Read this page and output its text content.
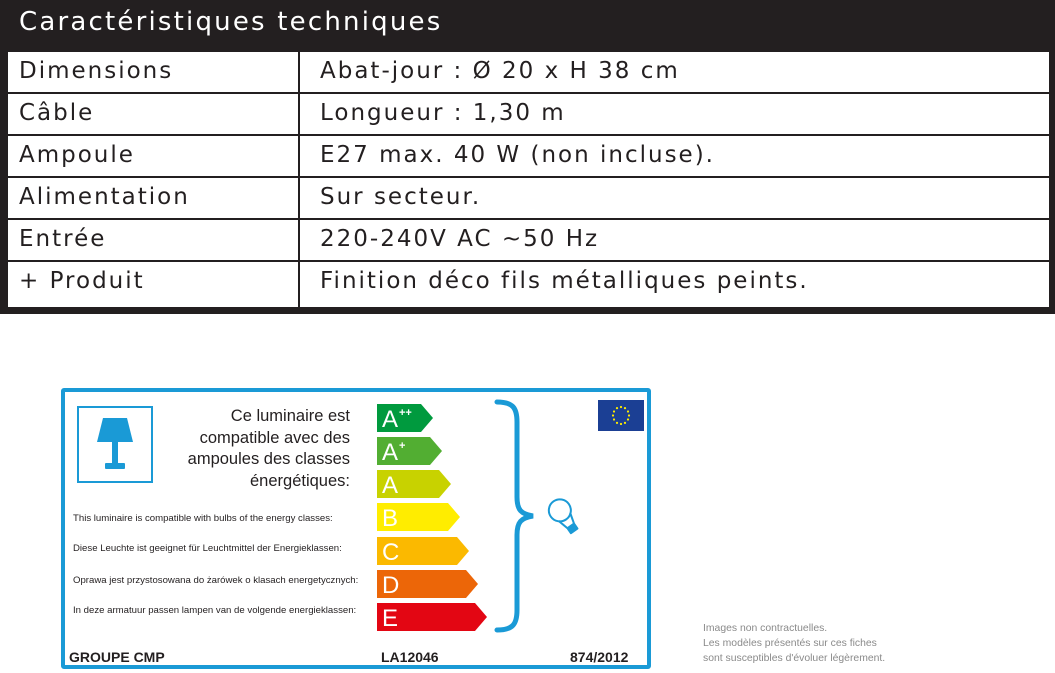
Caractéristiques techniques
Dimensions	Abat-jour : Ø 20 x H 38 cm
Câble	Longueur : 1,30 m
Ampoule	E27 max. 40 W (non incluse).
Alimentation	Sur secteur.
Entrée	220-240V AC ~50 Hz
+ Produit	Finition déco fils métalliques peints.
Ce luminaire est
compatible avec des
ampoules des classes
énergétiques:
This luminaire is compatible with bulbs of the energy classes:
Diese Leuchte ist geeignet für Leuchtmittel der Energieklassen:
Oprawa jest przystosowana do żarówek o klasach energetycznych:
In deze armatuur passen lampen van de volgende energieklassen:
A ++
A +
A
B
C
D
E
GROUPE CMP	LA12046	874/2012
Images non contractuelles.
Les modèles présentés sur ces fiches
sont susceptibles d'évoluer légèrement.
